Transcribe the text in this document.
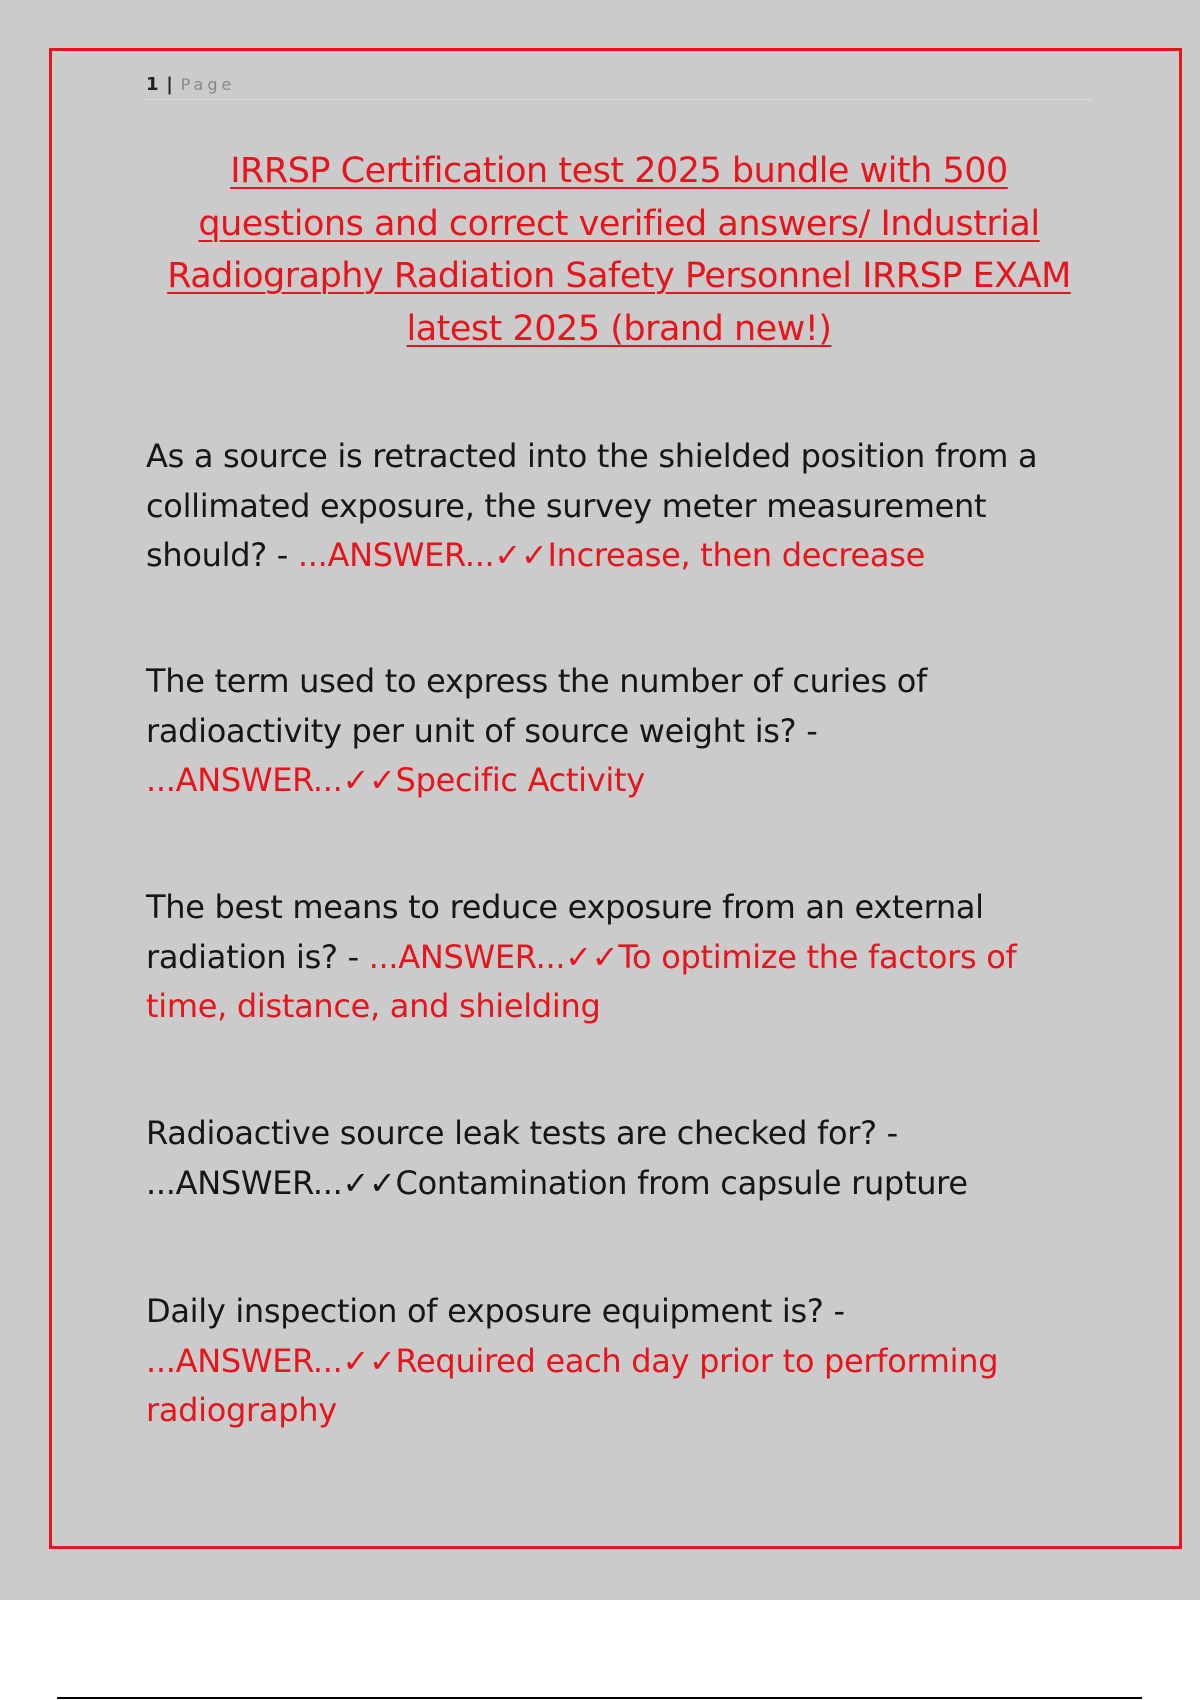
1 | Page
IRRSP Certification test 2025 bundle with 500 questions and correct verified answers/ Industrial Radiography Radiation Safety Personnel IRRSP EXAM latest 2025 (brand new!)
As a source is retracted into the shielded position from a collimated exposure, the survey meter measurement should? - ...ANSWER...✓✓Increase, then decrease
The term used to express the number of curies of radioactivity per unit of source weight is? -
...ANSWER...✓✓Specific Activity
The best means to reduce exposure from an external radiation is? - ...ANSWER...✓✓To optimize the factors of time, distance, and shielding
Radioactive source leak tests are checked for? -
...ANSWER...✓✓Contamination from capsule rupture
Daily inspection of exposure equipment is? -
...ANSWER...✓✓Required each day prior to performing radiography
